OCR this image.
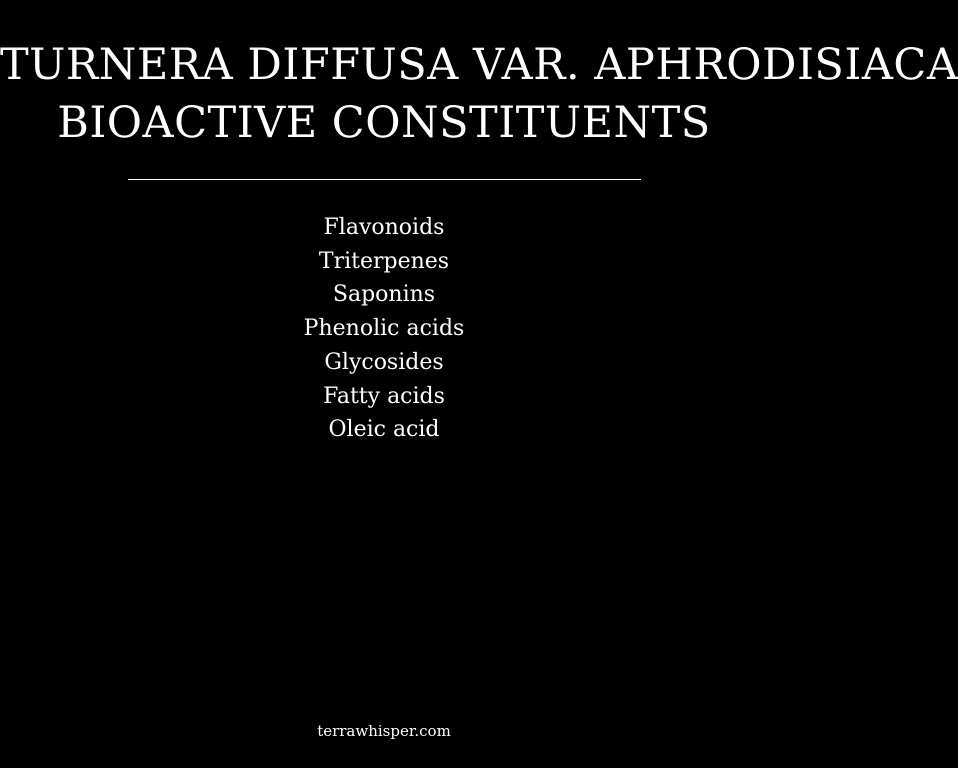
TURNERA DIFFUSA VAR. APHRODISIACA
BIOACTIVE CONSTITUENTS
Flavonoids
Triterpenes
Saponins
Phenolic acids
Glycosides
Fatty acids
Oleic acid
terrawhisper.com
